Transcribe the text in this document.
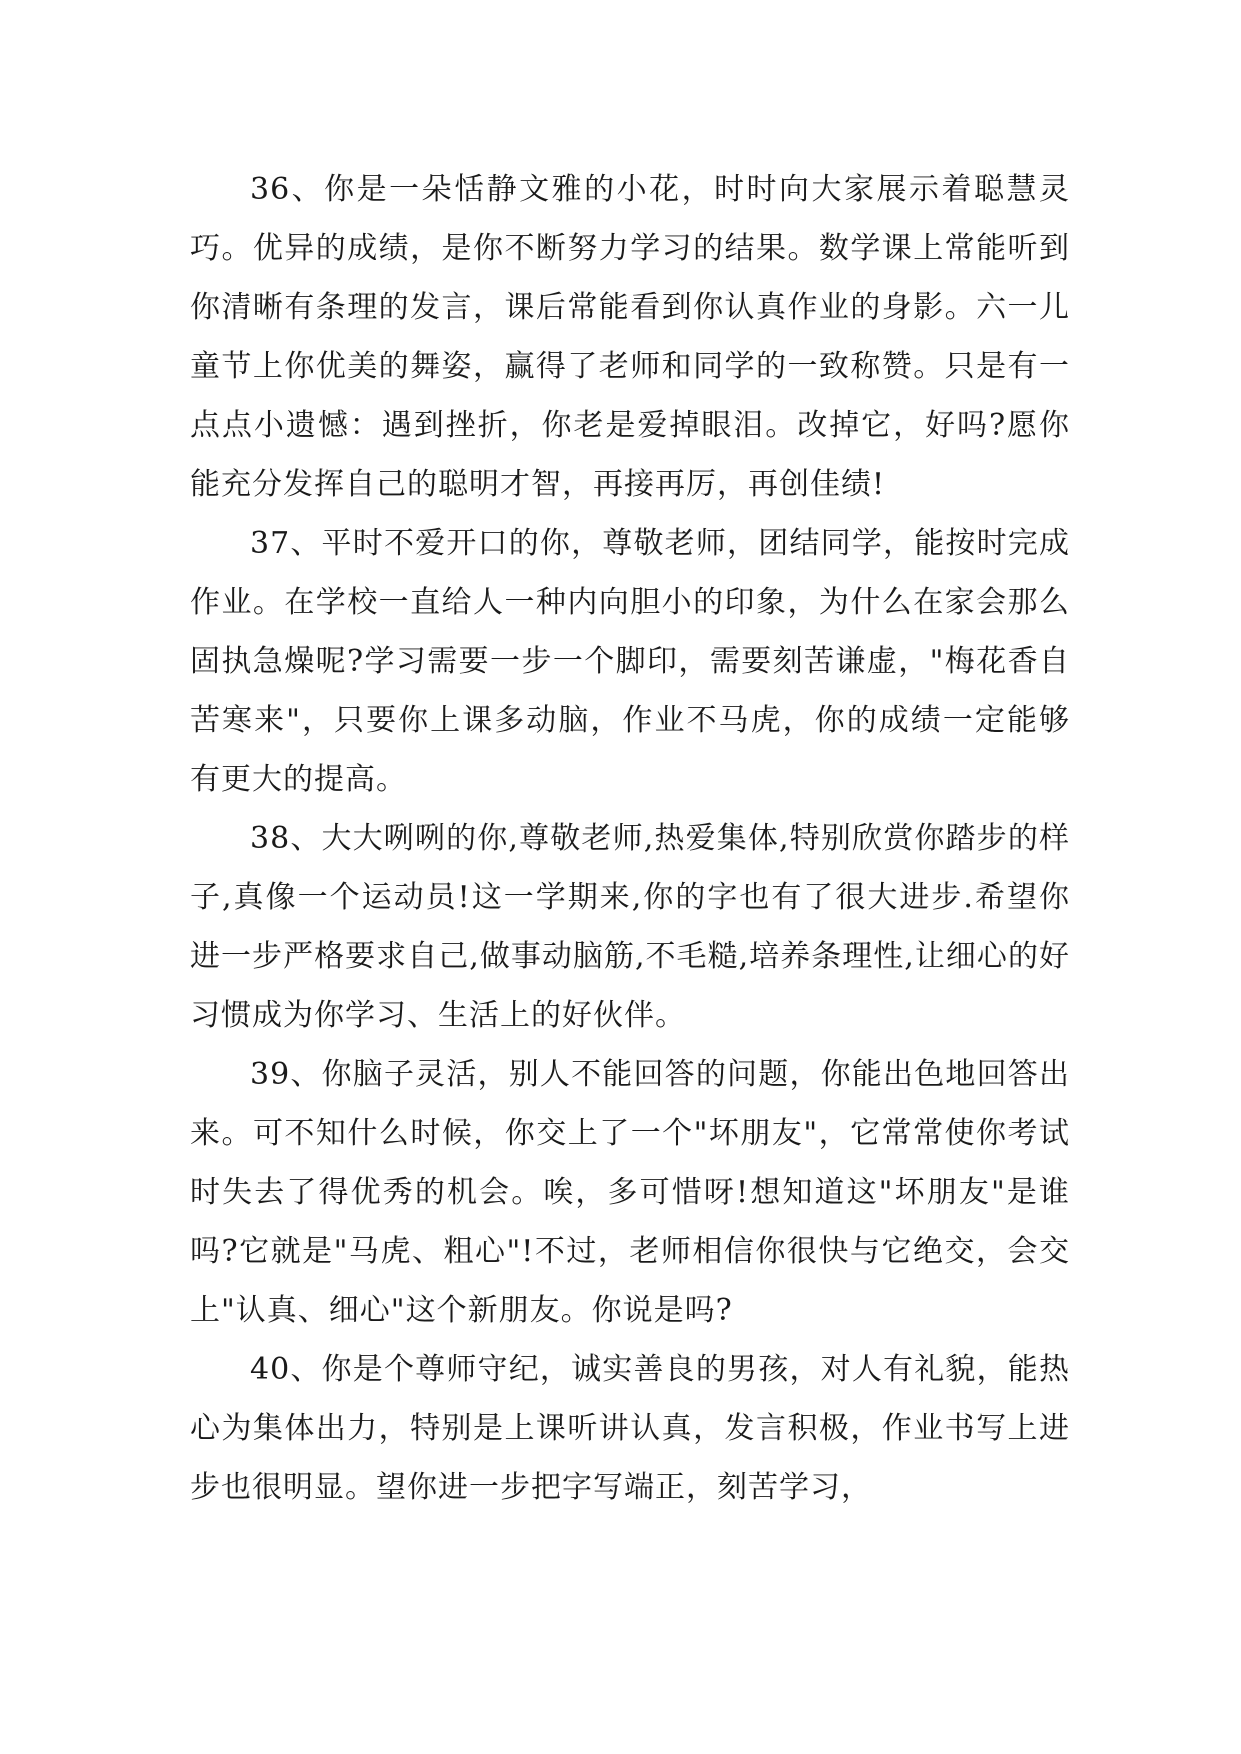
36、你是一朵恬静文雅的小花，时时向大家展示着聪慧灵巧。优异的成绩，是你不断努力学习的结果。数学课上常能听到你清晰有条理的发言，课后常能看到你认真作业的身影。六一儿童节上你优美的舞姿，赢得了老师和同学的一致称赞。只是有一点点小遗憾：遇到挫折，你老是爱掉眼泪。改掉它，好吗?愿你能充分发挥自己的聪明才智，再接再厉，再创佳绩!

37、平时不爱开口的你，尊敬老师，团结同学，能按时完成作业。在学校一直给人一种内向胆小的印象，为什么在家会那么固执急燥呢?学习需要一步一个脚印，需要刻苦谦虚，"梅花香自苦寒来"，只要你上课多动脑，作业不马虎，你的成绩一定能够有更大的提高。

38、大大咧咧的你,尊敬老师,热爱集体,特别欣赏你踏步的样子,真像一个运动员!这一学期来,你的字也有了很大进步.希望你进一步严格要求自己,做事动脑筋,不毛糙,培养条理性,让细心的好习惯成为你学习、生活上的好伙伴。

39、你脑子灵活，别人不能回答的问题，你能出色地回答出来。可不知什么时候，你交上了一个"坏朋友"，它常常使你考试时失去了得优秀的机会。唉，多可惜呀!想知道这"坏朋友"是谁吗?它就是"马虎、粗心"!不过，老师相信你很快与它绝交，会交上"认真、细心"这个新朋友。你说是吗?

40、你是个尊师守纪，诚实善良的男孩，对人有礼貌，能热心为集体出力，特别是上课听讲认真，发言积极，作业书写上进步也很明显。望你进一步把字写端正，刻苦学习，
